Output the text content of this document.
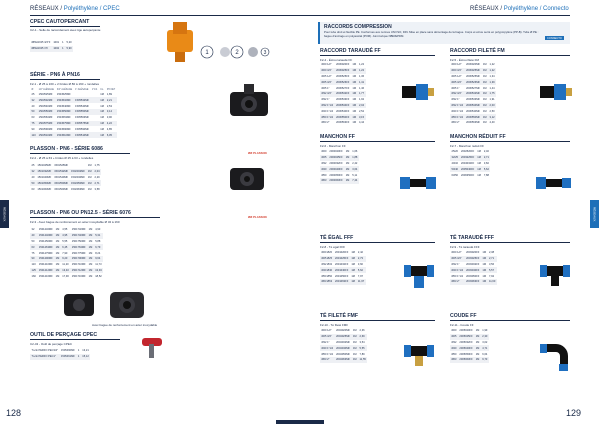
RÉSEAUX / Polyéthylène / CPEC
CPEC CAUTOPERCANT
C2-1 - Selle de raccordement avec tige autoperçante
ØPE32/25 3/4"F	1001	1	5,20
ØPE32/25 1"F	1002	1	5,90
1	2	3
SÉRIE - PN6 À PN16
F2-1 - Ø 25 à 160 + 2 brides Ø 80 à 160 + rondelles
Ø	1/2" ALÉSAGE	3/4" ALÉSAGE	1" ALÉSAGE	1"1/4	CL.	PX NET
25	1503525MF	1504525MF			1M	1,89
32	1503532MF	1504532MF	1505532MF		1M	2,21
40	1503540MF	1504540MF	1505540MF		1M	2,53
50	1503550MF	1504550MF	1505550MF		1M	3,14
63	1503563MF	1504563MF	1505563MF		1M	3,90
75	1503575MF	1504575MF	1505575MF		1M	4,22
90	1503590MF	1504590MF	1505590MF		1M	4,85
110	1503510MF	1504510MF	1505510MF		1M	6,05
PLASSON - PN6 - SÉRIE 6086
ØØ PLASSON
F2-2 - Ø 25 à 63 + brides Ø 25 à 63 + rondelles
25	1501025MF	1501525MF		1M	1,75
32	1501032MF	1501532MF	1502032MF	1M	2,04
40	1501040MF	1501540MF	1502040MF	1M	2,29
50	1501050MF	1501550MF	1502050MF	1M	2,71
63	1501063MF	1501563MF	1502063MF	1M	3,58
PLASSON - PN6 OU PN12.5 - SÉRIE 6076
ØØ PLASSON
F2-3 - Avec bague de renforcement en acier inoxydable Ø 32 à 160
32	1501232MF	1M	4,55	1501732MF	1M	4,93
40	1501240MF	1M	4,95	1501740MF	1M	5,31
50	1501250MF	1M	5,55	1501750MF	1M	5,88
63	1501263MF	1M	6,45	1501763MF	1M	6,79
75	1501275MF	1M	7,90	1501775MF	1M	8,24
90	1501290MF	1M	9,20	1501790MF	1M	9,64
110	1501210MF	1M	11,20	1501710MF	1M	11,73
125	1501212MF	1M	13,40	1501712MF	1M	13,94
160	1501216MF	1M	17,90	1501716MF	1M	18,52
Avec bague de renforcement en acier inoxydable
OUTIL DE PERÇAGE CPEC
C2-43 - Outil de perçage CPEC
Ti-clé PERFO PEC3/4"	1505460MF	1	13,21
Ti-clé PERFO PEC1"	1505461MF	1	15,12
128
RÉSEAUX
RÉSEAUX / Polyéthylène / Connecto
RACCORDS COMPRESSION
Pour tube droit et flexible PE. Conformes aux normes UNI ISO, DIN. Mise en place sans démontage de la bague. Corps et écrou serré en polypropylène (PP-B). Tube Ø PE : bague d'ancrage en polyacétal (POM). Joint torique NBR/EPDM.
CONNECTO
RACCORD TARAUDÉ FF
F2-4 - Écrou taraudé FF
Ø20 1/2"	2006020FF	1M	1,22
Ø20 3/4"	2006025FF	1M	1,22
Ø25 1/2"	2006525FF	1M	1,36
Ø25 3/4"	2006526FF	1M	1,41
Ø25 1"	2006527FF	1M	1,46
Ø32 3/4"	2006532FF	1M	1,77
Ø32 1"	2006533FF	1M	1,92
Ø32 1"1/4	2006534FF	1M	2,04
Ø40 1"1/4	2006540FF	1M	2,52
Ø50 1"1/2	2006550FF	1M	3,15
Ø63 2"	2006563FF	1M	4,44
MANCHON FF
F2-6 - Manchon FF
Ø20	2000020FF	1M	1,66
Ø25	2000025FF	1M	1,88
Ø32	2000032FF	1M	2,42
Ø40	2000040FF	1M	3,64
Ø50	2000050FF	1M	5,11
Ø63	2000063FF	1M	7,44
TÉ ÉGAL FFF
F2-8 - Té égal FFF
Ø20 Ø20	2001020FF	1M	2,42
Ø25 Ø25	2001025FF	1M	2,73
Ø32 Ø32	2001032FF	1M	3,60
Ø40 Ø40	2001040FF	1M	5,62
Ø50 Ø50	2001050FF	1M	7,97
Ø63 Ø63	2001063FF	1M	11,67
TÉ FILETÉ FMF
F2-10 - Té fileté FMF
Ø20 1/2"	2004020MF	1M	2,36
Ø25 3/4"	2004025MF	1M	2,69
Ø32 1"	2004032MF	1M	3,54
Ø40 1"1/4	2004040MF	1M	5,55
Ø50 1"1/2	2004050MF	1M	7,89
Ø63 2"	2004063MF	1M	11,55
RACCORD FILETÉ FM
F2-5 - Écrou fileté FM
Ø20 1/2"	2006020MF	1M	1,22
Ø20 3/4"	2006025MF	1M	1,22
Ø25 1/2"	2006525MF	1M	1,34
Ø25 3/4"	2006526MF	1M	1,39
Ø25 1"	2006527MF	1M	1,44
Ø32 3/4"	2006532MF	1M	1,75
Ø32 1"	2006533MF	1M	1,91
Ø32 1"1/4	2006534MF	1M	2,03
Ø40 1"1/4	2006540MF	1M	2,50
Ø50 1"1/2	2006550MF	1M	3,12
Ø63 2"	2006563MF	1M	4,40
MANCHON RÉDUIT FF
F2-7 - Manchon réduit FF
25/20	2002520FF	1M	2,40
32/25	2003225FF	1M	2,71
40/32	2004032FF	1M	3,82
50/40	2005040FF	1M	5,62
63/50	2006350FF	1M	7,88
TÉ TARAUDÉ FFF
F2-9 - Té taraudé FFF
Ø20 1/2"	2003020FF	1M	2,38
Ø25 3/4"	2003025FF	1M	2,71
Ø32 1"	2003032FF	1M	3,56
Ø40 1"1/4	2003040FF	1M	5,57
Ø50 1"1/2	2003050FF	1M	7,92
Ø63 2"	2003063FF	1M	11,60
COUDE FF
F2-11 - Coude FF
Ø20	2005020FF	1M	1,99
Ø25	2005025FF	1M	2,30
Ø32	2005032FF	1M	3,02
Ø40	2005040FF	1M	4,71
Ø50	2005050FF	1M	6,64
Ø63	2005063FF	1M	9,73
129
RÉSEAUX
